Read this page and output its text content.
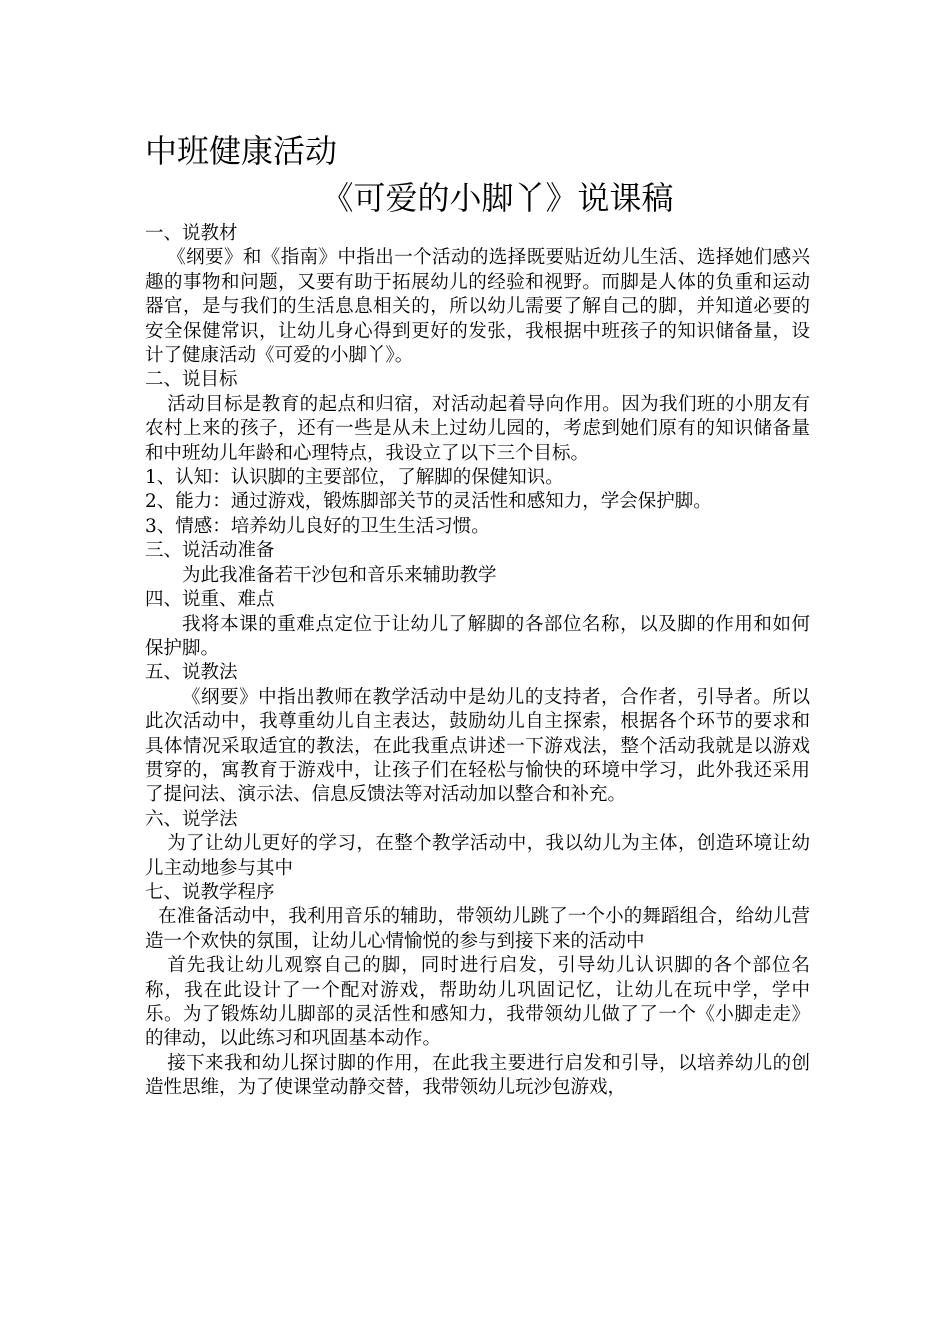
中班健康活动
《可爱的小脚丫》说课稿

一、说教材

《纲要》和《指南》中指出一个活动的选择既要贴近幼儿生活、选择她们感兴趣的事物和问题，又要有助于拓展幼儿的经验和视野。而脚是人体的负重和运动器官，是与我们的生活息息相关的，所以幼儿需要了解自己的脚，并知道必要的安全保健常识，让幼儿身心得到更好的发张，我根据中班孩子的知识储备量，设计了健康活动《可爱的小脚丫》。

二、说目标

活动目标是教育的起点和归宿，对活动起着导向作用。因为我们班的小朋友有农村上来的孩子，还有一些是从未上过幼儿园的，考虑到她们原有的知识储备量和中班幼儿年龄和心理特点，我设立了以下三个目标。

1、认知：认识脚的主要部位，了解脚的保健知识。

2、能力：通过游戏，锻炼脚部关节的灵活性和感知力，学会保护脚。

3、情感：培养幼儿良好的卫生生活习惯。

三、说活动准备

为此我准备若干沙包和音乐来辅助教学

四、说重、难点

我将本课的重难点定位于让幼儿了解脚的各部位名称，以及脚的作用和如何保护脚。

五、说教法

《纲要》中指出教师在教学活动中是幼儿的支持者，合作者，引导者。所以此次活动中，我尊重幼儿自主表达，鼓励幼儿自主探索，根据各个环节的要求和具体情况采取适宜的教法，在此我重点讲述一下游戏法，整个活动我就是以游戏贯穿的，寓教育于游戏中，让孩子们在轻松与愉快的环境中学习，此外我还采用了提问法、演示法、信息反馈法等对活动加以整合和补充。

六、说学法

为了让幼儿更好的学习，在整个教学活动中，我以幼儿为主体，创造环境让幼儿主动地参与其中

七、说教学程序

在准备活动中，我利用音乐的辅助，带领幼儿跳了一个小的舞蹈组合，给幼儿营造一个欢快的氛围，让幼儿心情愉悦的参与到接下来的活动中

首先我让幼儿观察自己的脚，同时进行启发，引导幼儿认识脚的各个部位名称，我在此设计了一个配对游戏，帮助幼儿巩固记忆，让幼儿在玩中学，学中乐。为了锻炼幼儿脚部的灵活性和感知力，我带领幼儿做了了一个《小脚走走》的律动，以此练习和巩固基本动作。

接下来我和幼儿探讨脚的作用，在此我主要进行启发和引导，以培养幼儿的创造性思维，为了使课堂动静交替，我带领幼儿玩沙包游戏，
